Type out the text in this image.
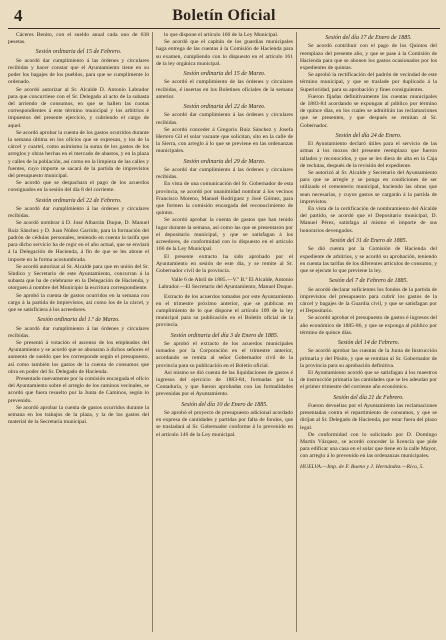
4	Boletín Oficial
Cáceres Benito, con el sueldo anual cada uno de 638 pesetas.
Sesión ordinaria del 15 de Febrero.
Se acordó dar cumplimiento á las órdenes y circulares recibidas y hacer constar que el Ayuntamiento tiene en su poder los bagajes de los pueblos, para que se cumplimente lo ordenado.
Se acordó autorizar al Sr. Alcalde D. Antonio Labrador para que concurriese con el Sr. Delegado al acto de la subasta del arriendo de consumos, en que se hallen las cuotas correspondientes á este término municipal y los arbitrios é impuestos del presente ejercicio, y cubriendo el cargo de aquel.
Se acordó aprobar la cuenta de los gastos ocurridos durante la semana última en los oficios que se expresan, y los de la cárcel y cuartel, como asimismo la suma de los gastos de los arreglos y obras hechas en el mercado de abastos, y en la plaza y calles de la población, así como en la limpieza de las calles y fuentes, cuyo importe se sacará de la partida de imprevistos del presupuesto municipal.
Se acordó que se despachara el pago de los acuerdos consignados en la sesión del día 8 del corriente.
Sesión ordinaria del 22 de Febrero.
Se acordó dar cumplimiento á las órdenes y circulares recibidas.
Se acordó nombrar á D. José Albarrán Duque, D. Manuel Ruiz Sánchez y D. Juan Núñez Garrido, para la formación del padrón de cédulas personales, teniendo en cuenta la tarifa que para dicho servicio ha de regir en el año actual, que se enviará á la Delegación de Hacienda, á fin de que se les abone el importe en la forma acostumbrada.
Se acordó autorizar al Sr. Alcalde para que en unión del Sr. Síndico y Secretario de este Ayuntamiento, concurran á la subasta que ha de celebrarse en la Delegación de Hacienda, y otorguen á nombre del Municipio la escritura correspondiente.
Se aprobó la cuenta de gastos ocurridos en la semana con cargo á la partida de imprevistos, así como los de la cárcel, y que se satisficiera á los acreedores.
Sesión ordinaria del 1.º de Marzo.
Se acordó dar cumplimiento á las órdenes y circulares recibidas.
Se presentó á votación el ascenso de los empleados del Ayuntamiento y se acordó que se abonaran á dichos señores el aumento de sueldo que les corresponde según el presupuesto, así como también los gastos de la cuenta de consumos que obra en poder del Sr. Delegado de Hacienda.
Presentado nuevamente por la comisión encargada el oficio del Ayuntamiento sobre el arreglo de los caminos vecinales, se acordó que fuera resuelto por la Junta de Caminos, según lo prevenido.
Se acordó aprobar la cuenta de gastos ocurridos durante la semana en los trabajos de la plaza, y la de los gastos del material de la Secretaría municipal.
lo que dispone el artículo 166 de la Ley Municipal.
Se acordó que el capitán de los guardias municipales haga entrega de las cuentas á la Comisión de Hacienda para su examen, cumpliendo con lo dispuesto en el artículo 161 de la ley orgánica municipal.
Sesión ordinaria del 15 de Marzo.
Se acordó el cumplimiento de las órdenes y circulares recibidas, é insertas en los Boletines oficiales de la semana anterior.
Sesión ordinaria del 22 de Marzo.
Se acordó dar cumplimiento á las órdenes y circulares recibidas.
Se acordó conceder á Gregorio Ruiz Sánchez y Josefa Herrero Gil el solar vacante que solicitan, sito en la calle de la Sierra, con arreglo á lo que se previene en las ordenanzas municipales.
Sesión ordinaria del 29 de Marzo.
Se acordó dar cumplimiento á las órdenes y circulares recibidas.
En vista de una comunicación del Sr. Gobernador de esta provincia, se acordó por unanimidad nombrar á los vecinos Francisco Moreno, Manuel Rodríguez y José Gómez, para que formen la comisión encargada del reconocimiento de quintos.
Se acordó aprobar la cuenta de gastos que han tenido lugar durante la semana, así como las que se presentaron por el depositario municipal, y que se satisfagan á los acreedores, de conformidad con lo dispuesto en el artículo 166 de la Ley Municipal.
El presente extracto ha sido aprobado por el Ayuntamiento en sesión de este día, y se remite al Sr. Gobernador civil de la provincia.
Valle 6 de Abril de 1885.—V.º B.º El Alcalde, Antonio Labrador.—El Secretario del Ayuntamiento, Manuel Duque.
Extracto de los acuerdos tomados por este Ayuntamiento en el trimestre próximo anterior, que se publican en cumplimiento de lo que dispone el artículo 109 de la ley municipal para su publicación en el Boletín oficial de la provincia.
Sesión ordinaria del día 3 de Enero de 1885.
Se aprobó el extracto de los acuerdos municipales tomados por la Corporación en el trimestre anterior, acordando se remita al señor Gobernador civil de la provincia para su publicación en el Boletín oficial.
Así mismo se dió cuenta de las liquidaciones de gastos é ingresos del ejercicio de 1883-84, formadas por la Contaduría, y que fueron aprobadas con las formalidades prevenidas por el Ayuntamiento.
Sesión del día 10 de Enero de 1885.
Se aprobó el proyecto de presupuesto adicional acordado en expresa de cantidades y partidas por falta de fondos, que se trasladará al Sr. Gobernador conforme á lo prevenido en el artículo 146 de la Ley municipal.
Sesión del día 17 de Enero de 1885.
Se acordó contribuir con el pago de los Quintos del reemplazo del presente año, y que se pase á la Comisión de Hacienda para que se abonen los gastos ocasionados por los expedientes de quintas.
Se aprobó la rectificación del padrón de vecindad de este término municipal, y que se traslade por duplicado á la Superioridad, para su aprobación y fines consiguientes.
Fueron fijadas definitivamente las cuentas municipales de 1883-84 acordando se expongan al público por término de quince días, en los cuales se admitirán las reclamaciones que se presenten, y que después se remitan al Sr. Gobernador.
Sesión del día 24 de Enero.
El Ayuntamiento declaró útiles para el servicio de las armas á los mozos del presente reemplazo que fueron tallados y reconocidos, y que se les diera de alta en la Caja de reclutas, después de la revisión del expediente.
Se autorizó al Sr. Alcalde y Secretario del Ayuntamiento para que se arregle y se ponga en condiciones de ser utilizado el cementerio municipal, haciendo las obras que sean necesarias, y cuyos gastos se cargarán á la partida de imprevistos.
En vista de la certificación de nombramiento del Alcalde del partido, se acordó que el Depositario municipal, D. Manuel Pérez, satisfaga al mismo el importe de sus honorarios devengados.
Sesión del 31 de Enero de 1885.
Se dió cuenta por la Comisión de Hacienda del expediente de arbitrios, y se acordó su aprobación, teniendo en cuenta las tarifas de los diferentes artículos de consumo, y que se ejecute lo que previene la ley.
Sesión del 7 de Febrero de 1885.
Se acordó declarar suficientes los fondos de la partida de imprevistos del presupuesto para cubrir los gastos de la cárcel y bagajes de la Guardia civil, y que se satisfagan por el Depositario.
Se acordó aprobar el presupuesto de gastos é ingresos del año económico de 1885-86, y que se exponga al público por término de quince días.
Sesión del 14 de Febrero.
Se acordó aprobar las cuentas de la Junta de Instrucción primaria y del Pósito, y que se remitan al Sr. Gobernador de la provincia para su aprobación definitiva.
El Ayuntamiento acordó que se satisfagan á los maestros de instrucción primaria las cantidades que se les adeudan por el primer trimestre del corriente año económico.
Sesión del día 21 de Febrero.
Fueron devueltas por el Ayuntamiento las reclamaciones presentadas contra el repartimiento de consumos, y que se dirijan al Sr. Delegado de Hacienda, por estar fuera del plazo legal.
De conformidad con lo solicitado por D. Domingo Martín Vázquez, se acordó conceder la licencia que pide para edificar una casa en el solar que tiene en la calle Mayor, con arreglo á lo prevenido en las ordenanzas municipales.
HUELVA.—Imp. de F. Bueno y J. Hernández.—Rico, 5.
